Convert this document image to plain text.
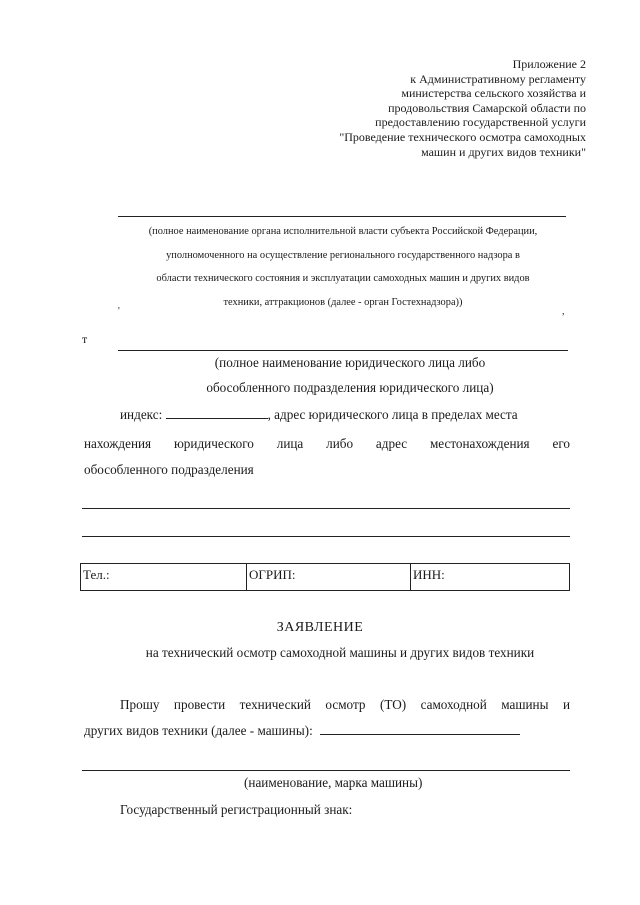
Приложение 2
к Административному регламенту
министерства сельского хозяйства и
продовольствия Самарской области по
предоставлению государственной услуги
"Проведение технического осмотра самоходных
машин и других видов техники"
(полное наименование органа исполнительной власти субъекта Российской Федерации,
уполномоченного на осуществление регионального государственного надзора в
области технического состояния и эксплуатации самоходных машин и других видов
техники, аттракционов (далее - орган Гостехнадзора))
'	,
т
(полное наименование юридического лица либо
обособленного подразделения юридического лица)
индекс:	, адрес юридического лица в пределах места
нахождения юридического лица либо адрес местонахождения его
обособленного подразделения
Тел.:	ОГРИП:	ИНН:
ЗАЯВЛЕНИЕ
на технический осмотр самоходной машины и других видов техники
Прошу провести технический осмотр (ТО) самоходной машины и
других видов техники (далее - машины):
(наименование, марка машины)
Государственный регистрационный знак:
